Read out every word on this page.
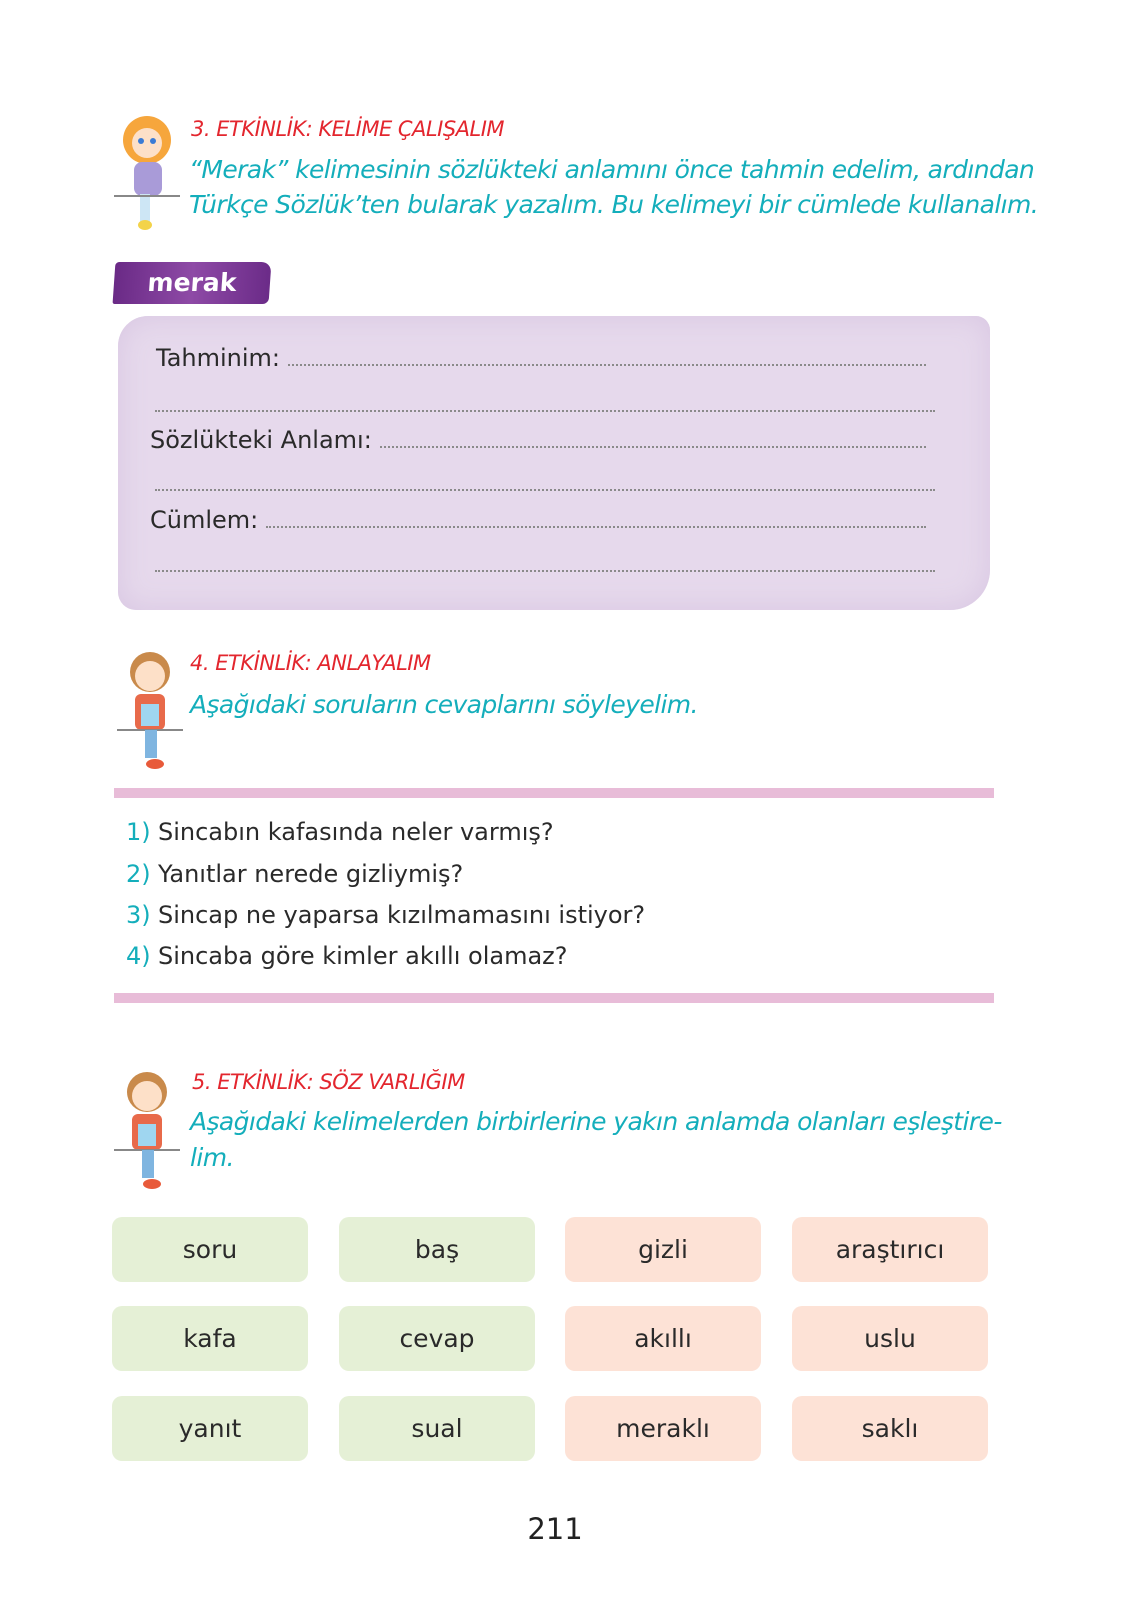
3. ETKİNLİK: KELİME ÇALIŞALIM
“Merak” kelimesinin sözlükteki anlamını önce tahmin edelim, ardından
Türkçe Sözlük’ten bularak yazalım. Bu kelimeyi bir cümlede kullanalım.
merak
Tahminim:
Sözlükteki Anlamı:
Cümlem:
4. ETKİNLİK: ANLAYALIM
Aşağıdaki soruların cevaplarını söyleyelim.
1) Sincabın kafasında neler varmış?
2) Yanıtlar nerede gizliymiş?
3) Sincap ne yaparsa kızılmamasını istiyor?
4) Sincaba göre kimler akıllı olamaz?
5. ETKİNLİK: SÖZ VARLIĞIM
Aşağıdaki kelimelerden birbirlerine yakın anlamda olanları eşleştire-
lim.
soru	baş	gizli	araştırıcı
kafa	cevap	akıllı	uslu
yanıt	sual	meraklı	saklı
211
